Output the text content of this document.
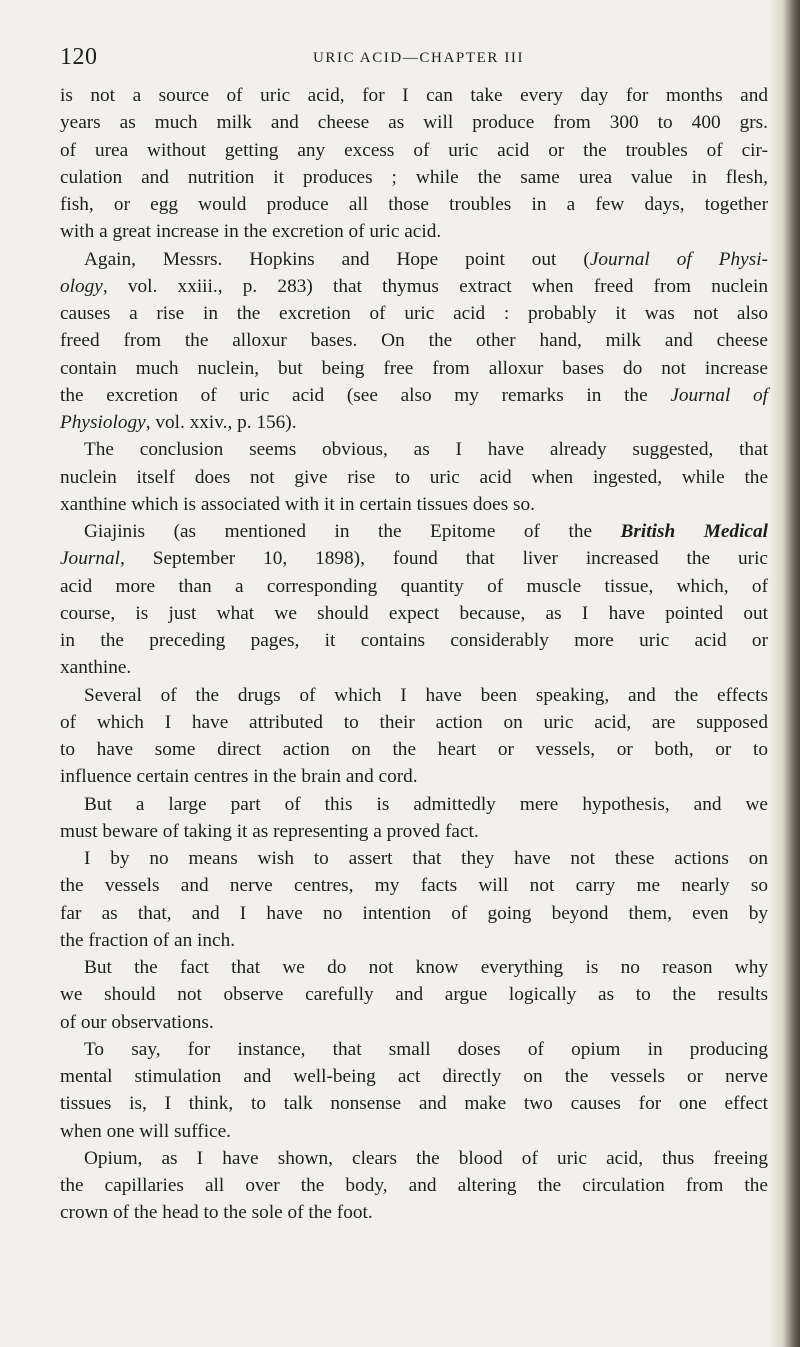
120	URIC ACID—CHAPTER III
is not a source of uric acid, for I can take every day for months and
years as much milk and cheese as will produce from 300 to 400 grs.
of urea without getting any excess of uric acid or the troubles of cir-
culation and nutrition it produces ; while the same urea value in flesh,
fish, or egg would produce all those troubles in a few days, together
with a great increase in the excretion of uric acid.
Again, Messrs. Hopkins and Hope point out (Journal of Physi-
ology, vol. xxiii., p. 283) that thymus extract when freed from nuclein
causes a rise in the excretion of uric acid : probably it was not also
freed from the alloxur bases. On the other hand, milk and cheese
contain much nuclein, but being free from alloxur bases do not increase
the excretion of uric acid (see also my remarks in the Journal of
Physiology, vol. xxiv., p. 156).
The conclusion seems obvious, as I have already suggested, that
nuclein itself does not give rise to uric acid when ingested, while the
xanthine which is associated with it in certain tissues does so.
Giajinis (as mentioned in the Epitome of the British Medical
Journal, September 10, 1898), found that liver increased the uric
acid more than a corresponding quantity of muscle tissue, which, of
course, is just what we should expect because, as I have pointed out
in the preceding pages, it contains considerably more uric acid or
xanthine.
Several of the drugs of which I have been speaking, and the effects
of which I have attributed to their action on uric acid, are supposed
to have some direct action on the heart or vessels, or both, or to
influence certain centres in the brain and cord.
But a large part of this is admittedly mere hypothesis, and we
must beware of taking it as representing a proved fact.
I by no means wish to assert that they have not these actions on
the vessels and nerve centres, my facts will not carry me nearly so
far as that, and I have no intention of going beyond them, even by
the fraction of an inch.
But the fact that we do not know everything is no reason why
we should not observe carefully and argue logically as to the results
of our observations.
To say, for instance, that small doses of opium in producing
mental stimulation and well-being act directly on the vessels or nerve
tissues is, I think, to talk nonsense and make two causes for one effect
when one will suffice.
Opium, as I have shown, clears the blood of uric acid, thus freeing
the capillaries all over the body, and altering the circulation from the
crown of the head to the sole of the foot.
